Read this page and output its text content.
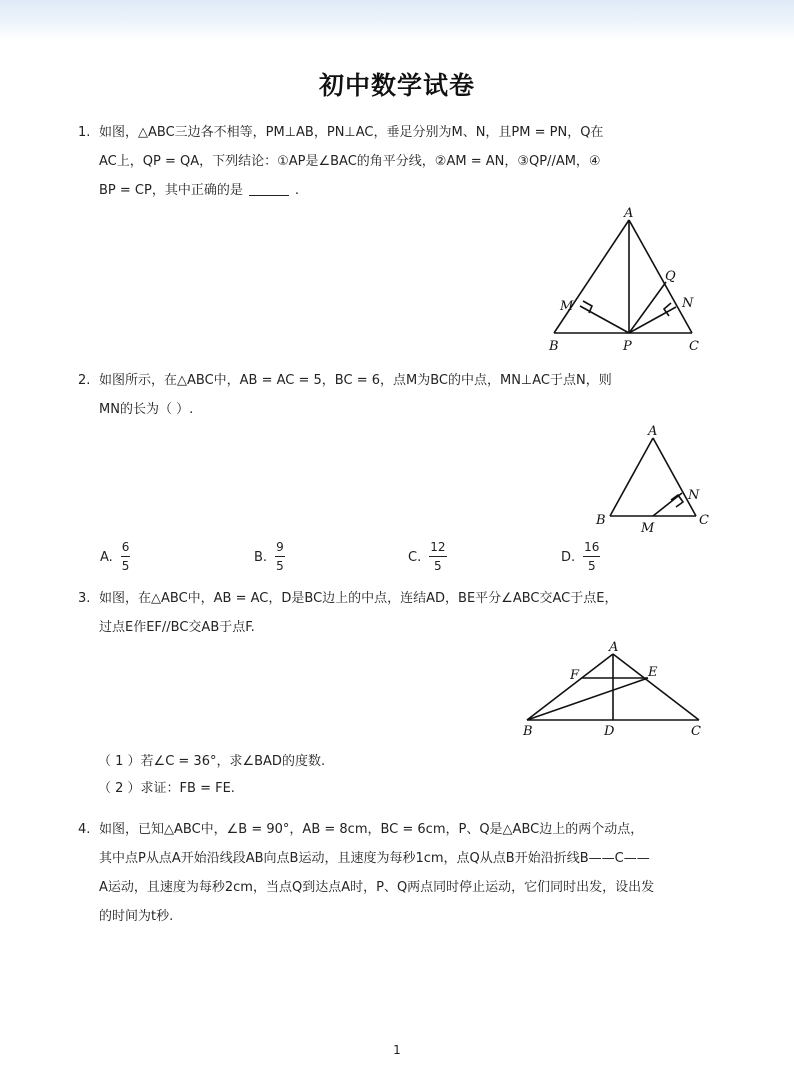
初中数学试卷
1. 如图，△ABC三边各不相等，PM⊥AB，PN⊥AC，垂足分别为M、N，且PM = PN，Q在
AC上，QP = QA，下列结论：①AP是∠BAC的角平分线，②AM = AN，③QP//AM，④
BP = CP，其中正确的是	.
A
B	C
P
M	N
Q
2. 如图所示，在△ABC中，AB = AC = 5，BC = 6，点M为BC的中点，MN⊥AC于点N，则
MN的长为（ ）.
A
B	C
M
N
A. $\frac{6}{5}$	B. $\frac{9}{5}$	C. $\frac{12}{5}$	D. $\frac{16}{5}$
3. 如图，在△ABC中，AB = AC，D是BC边上的中点，连结AD，BE平分∠ABC交AC于点E，
过点E作EF//BC交AB于点F.
A
B	C
D
E
F
（ 1 ）若∠C = 36°，求∠BAD的度数.
（ 2 ）求证：FB = FE.
4. 如图，已知△ABC中，∠B = 90°，AB = 8cm，BC = 6cm，P、Q是△ABC边上的两个动点，
其中点P从点A开始沿线段AB向点B运动，且速度为每秒1cm，点Q从点B开始沿折线B——C——
A运动，且速度为每秒2cm，当点Q到达点A时，P、Q两点同时停止运动，它们同时出发，设出发
的时间为t秒.
1
